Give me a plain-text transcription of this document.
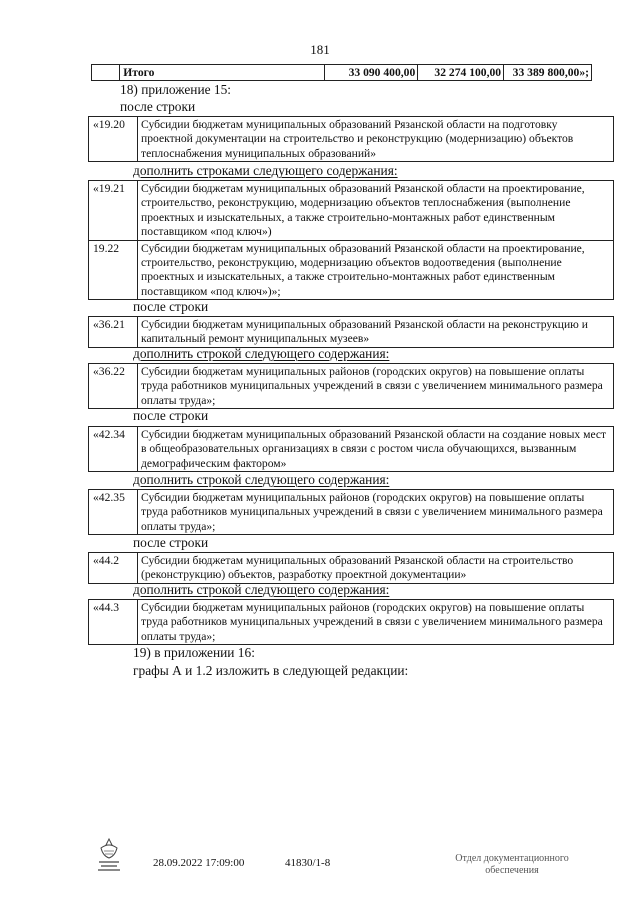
181
	Итого	33 090 400,00	32 274 100,00	33 389 800,00»;
18) приложение 15:
после строки
«19.20	Субсидии бюджетам муниципальных образований Рязанской области на подготовку проектной документации на строительство и реконструкцию (модернизацию) объектов теплоснабжения муниципальных образований»
дополнить строками следующего содержания:
«19.21	Субсидии бюджетам муниципальных образований Рязанской области на проектирование, строительство, реконструкцию, модернизацию объектов теплоснабжения (выполнение проектных и изыскательных, а также строительно-монтажных работ единственным поставщиком «под ключ»)
19.22	Субсидии бюджетам муниципальных образований Рязанской области на проектирование, строительство, реконструкцию, модернизацию объектов водоотведения (выполнение проектных и изыскательных, а также строительно-монтажных работ единственным поставщиком «под ключ»)»;
после строки
«36.21	Субсидии бюджетам муниципальных образований Рязанской области на реконструкцию и капитальный ремонт муниципальных музеев»
дополнить строкой следующего содержания:
«36.22	Субсидии бюджетам муниципальных районов (городских округов) на повышение оплаты труда работников муниципальных учреждений в связи с увеличением минимального размера оплаты труда»;
после строки
«42.34	Субсидии бюджетам муниципальных образований Рязанской области на создание новых мест в общеобразовательных организациях в связи с ростом числа обучающихся, вызванным демографическим фактором»
дополнить строкой следующего содержания:
«42.35	Субсидии бюджетам муниципальных районов (городских округов) на повышение оплаты труда работников муниципальных учреждений в связи с увеличением минимального размера оплаты труда»;
после строки
«44.2	Субсидии бюджетам муниципальных образований Рязанской области на строительство (реконструкцию) объектов, разработку проектной документации»
дополнить строкой следующего содержания:
«44.3	Субсидии бюджетам муниципальных районов (городских округов) на повышение оплаты труда работников муниципальных учреждений в связи с увеличением минимального размера оплаты труда»;
19) в приложении 16:
графы А и 1.2 изложить в следующей редакции:
28.09.2022 17:09:00	41830/1-8	Отдел документационного обеспечения
